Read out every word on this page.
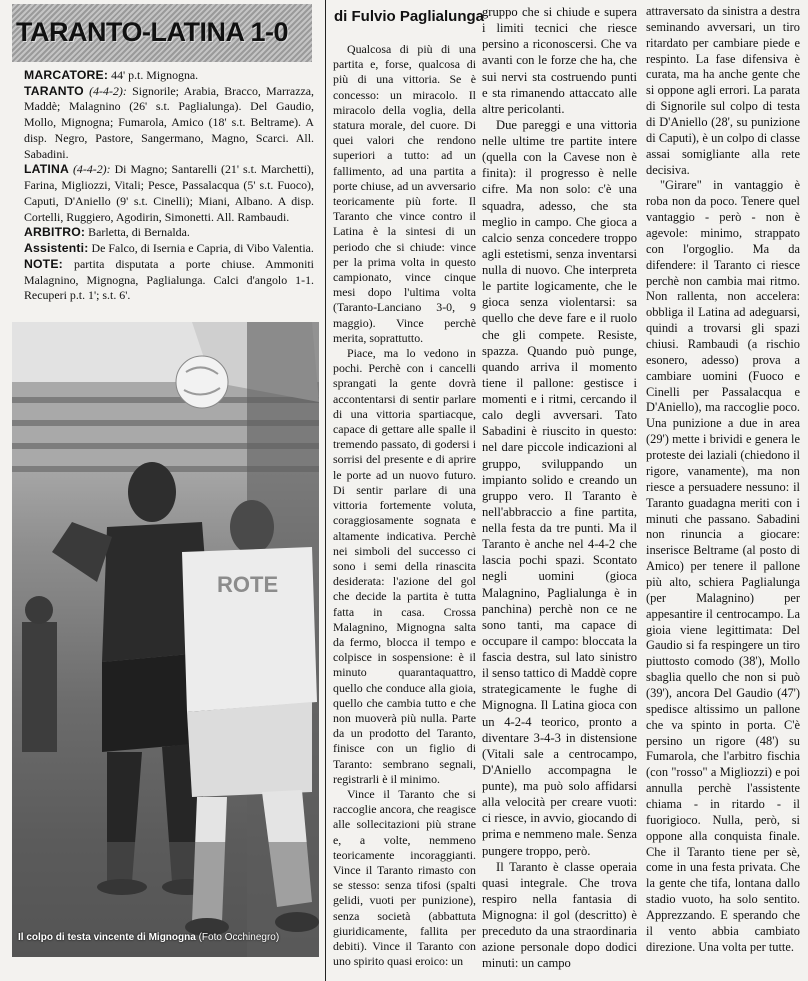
TARANTO-LATINA 1-0

MARCATORE: 44' p.t. Mignogna.

TARANTO (4-4-2): Signorile; Arabia, Bracco, Marrazza, Maddè; Malagnino (26' s.t. Paglialunga). Del Gaudio, Mollo, Mignogna; Fumarola, Amico (18' s.t. Beltrame). A disp. Negro, Pastore, Sangermano, Magno, Scarci. All. Sabadini.

LATINA (4-4-2): Di Magno; Santarelli (21' s.t. Marchetti), Farina, Migliozzi, Vitali; Pesce, Passalacqua (5' s.t. Fuoco), Caputi, D'Aniello (9' s.t. Cinelli); Miani, Albano. A disp. Cortelli, Ruggiero, Agodirin, Simonetti. All. Rambaudi.

ARBITRO: Barletta, di Bernalda.

Assistenti: De Falco, di Isernia e Capria, di Vibo Valentia.

NOTE: partita disputata a porte chiuse. Ammoniti Malagnino, Mignogna, Paglialunga. Calci d'angolo 1-1. Recuperi p.t. 1'; s.t. 6'.

ROTE
Il colpo di testa vincente di Mignogna (Foto Occhinegro)
di Fulvio Paglialunga

Qualcosa di più di una partita e, forse, qualcosa di più di una vittoria. Se è concesso: un miracolo. Il miracolo della voglia, della statura morale, del cuore. Di quei valori che rendono superiori a tutto: ad un fallimento, ad una partita a porte chiuse, ad un avversario teoricamente più forte. Il Taranto che vince contro il Latina è la sintesi di un periodo che si chiude: vince per la prima volta in questo campionato, vince cinque mesi dopo l'ultima volta (Taranto-Lanciano 3-0, 9 maggio). Vince perchè merita, soprattutto.

Piace, ma lo vedono in pochi. Perchè con i cancelli sprangati la gente dovrà accontentarsi di sentir parlare di una vittoria spartiacque, capace di gettare alle spalle il tremendo passato, di godersi i sorrisi del presente e di aprire le porte ad un nuovo futuro. Di sentir parlare di una vittoria fortemente voluta, coraggiosamente sognata e altamente indicativa. Perchè nei simboli del successo ci sono i semi della rinascita desiderata: l'azione del gol che decide la partita è tutta fatta in casa. Crossa Malagnino, Mignogna salta da fermo, blocca il tempo e colpisce in sospensione: è il minuto quarantaquattro, quello che conduce alla gioia, quello che cambia tutto e che non muoverà più nulla. Parte da un prodotto del Taranto, finisce con un figlio di Taranto: sembrano segnali, registrarli è il minimo.

Vince il Taranto che si raccoglie ancora, che reagisce alle sollecitazioni più strane e, a volte, nemmeno teoricamente incoraggianti. Vince il Taranto rimasto con se stesso: senza tifosi (spalti gelidi, vuoti per punizione), senza società (abbattuta giuridicamente, fallita per debiti). Vince il Taranto con uno spirito quasi eroico: un

gruppo che si chiude e supera i limiti tecnici che riesce persino a riconoscersi. Che va avanti con le forze che ha, che sui nervi sta costruendo punti e sta rimanendo attaccato alle altre pericolanti.

Due pareggi e una vittoria nelle ultime tre partite intere (quella con la Cavese non è finita): il progresso è nelle cifre. Ma non solo: c'è una squadra, adesso, che sta meglio in campo. Che gioca a calcio senza concedere troppo agli estetismi, senza inventarsi nulla di nuovo. Che interpreta le partite logicamente, che le gioca senza violentarsi: sa quello che deve fare e il ruolo che gli compete. Resiste, spazza. Quando può punge, quando arriva il momento tiene il pallone: gestisce i momenti e i ritmi, cercando il calo degli avversari. Tato Sabadini è riuscito in questo: nel dare piccole indicazioni al gruppo, sviluppando un impianto solido e creando un gruppo vero. Il Taranto è nell'abbraccio a fine partita, nella festa da tre punti. Ma il Taranto è anche nel 4-4-2 che lascia pochi spazi. Scontato negli uomini (gioca Malagnino, Paglialunga è in panchina) perchè non ce ne sono tanti, ma capace di occupare il campo: bloccata la fascia destra, sul lato sinistro il senso tattico di Maddè copre strategicamente le fughe di Mignogna. Il Latina gioca con un 4-2-4 teorico, pronto a diventare 3-4-3 in distensione (Vitali sale a centrocampo, D'Aniello accompagna le punte), ma può solo affidarsi alla velocità per creare vuoti: ci riesce, in avvio, giocando di prima e nemmeno male. Senza pungere troppo, però.

Il Taranto è classe operaia quasi integrale. Che trova respiro nella fantasia di Mignogna: il gol (descritto) è preceduto da una straordinaria azione personale dopo dodici minuti: un campo

attraversato da sinistra a destra seminando avversari, un tiro ritardato per cambiare piede e respinto. La fase difensiva è curata, ma ha anche gente che si oppone agli errori. La parata di Signorile sul colpo di testa di D'Aniello (28', su punizione di Caputi), è un colpo di classe assai somigliante alla rete decisiva.

"Girare" in vantaggio è roba non da poco. Tenere quel vantaggio - però - non è agevole: minimo, strappato con l'orgoglio. Ma da difendere: il Taranto ci riesce perchè non cambia mai ritmo. Non rallenta, non accelera: obbliga il Latina ad adeguarsi, quindi a trovarsi gli spazi chiusi. Rambaudi (a rischio esonero, adesso) prova a cambiare uomini (Fuoco e Cinelli per Passalacqua e D'Aniello), ma raccoglie poco. Una punizione a due in area (29') mette i brividi e genera le proteste dei laziali (chiedono il rigore, vanamente), ma non riesce a persuadere nessuno: il Taranto guadagna meriti con i minuti che passano. Sabadini non rinuncia a giocare: inserisce Beltrame (al posto di Amico) per tenere il pallone più alto, schiera Paglialunga (per Malagnino) per appesantire il centrocampo. La gioia viene legittimata: Del Gaudio si fa respingere un tiro piuttosto comodo (38'), Mollo sbaglia quello che non si può (39'), ancora Del Gaudio (47') spedisce altissimo un pallone che va spinto in porta. C'è persino un rigore (48') su Fumarola, che l'arbitro fischia (con "rosso" a Migliozzi) e poi annulla perchè l'assistente chiama - in ritardo - il fuorigioco. Nulla, però, si oppone alla conquista finale. Che il Taranto tiene per sè, come in una festa privata. Che la gente che tifa, lontana dallo stadio vuoto, ha solo sentito. Apprezzando. E sperando che il vento abbia cambiato direzione. Una volta per tutte.
